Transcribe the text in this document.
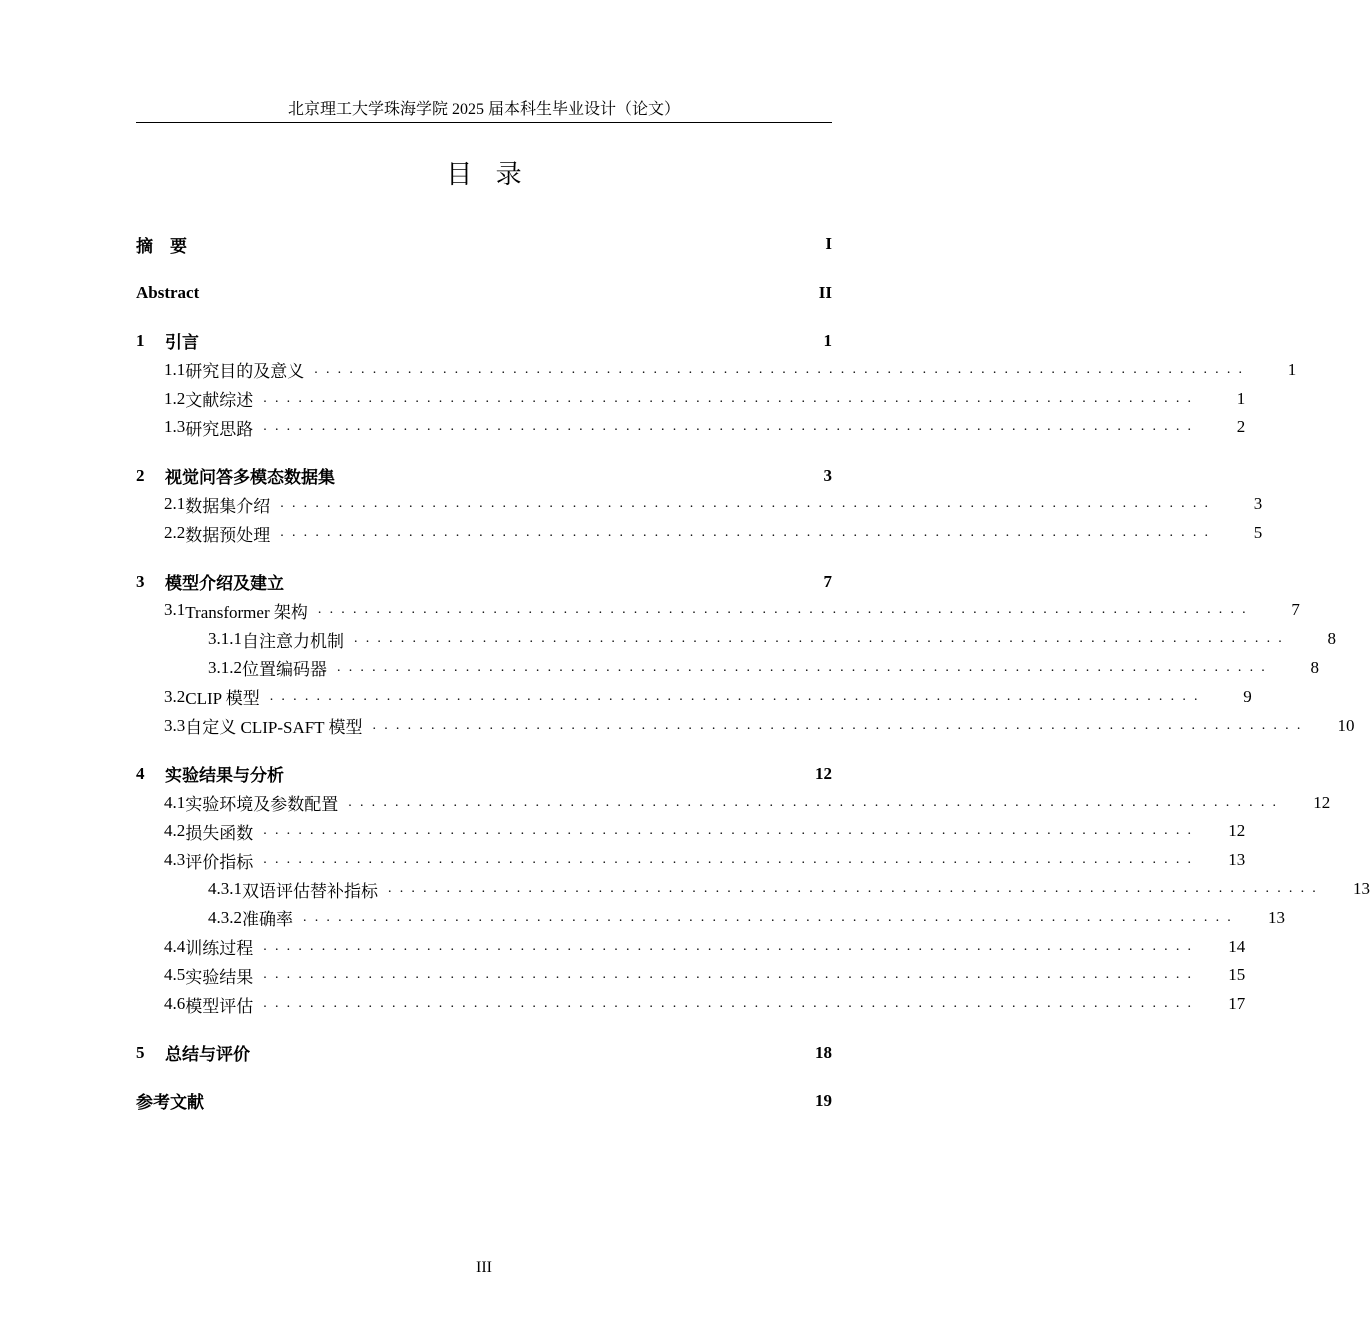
北京理工大学珠海学院 2025 届本科生毕业设计（论文）
目录
摘　要	I
Abstract	II
1	引言	1
1.1 研究目的及意义 ................................................................................	1
1.2 文献综述 ................................................................................	1
1.3 研究思路 ................................................................................	2
2	视觉问答多模态数据集	3
2.1 数据集介绍 ................................................................................	3
2.2 数据预处理 ................................................................................	5
3	模型介绍及建立	7
3.1 Transformer 架构 ................................................................................	7
3.1.1 自注意力机制 ................................................................................	8
3.1.2 位置编码器 ................................................................................	8
3.2 CLIP 模型 ................................................................................	9
3.3 自定义 CLIP-SAFT 模型 ................................................................................ 10
4	实验结果与分析	12
4.1 实验环境及参数配置 ................................................................................ 12
4.2 损失函数 ................................................................................ 12
4.3 评价指标 ................................................................................ 13
4.3.1 双语评估替补指标 ................................................................................ 13
4.3.2 准确率 ................................................................................ 13
4.4 训练过程 ................................................................................ 14
4.5 实验结果 ................................................................................ 15
4.6 模型评估 ................................................................................ 17
5	总结与评价	18
参考文献	19
III
